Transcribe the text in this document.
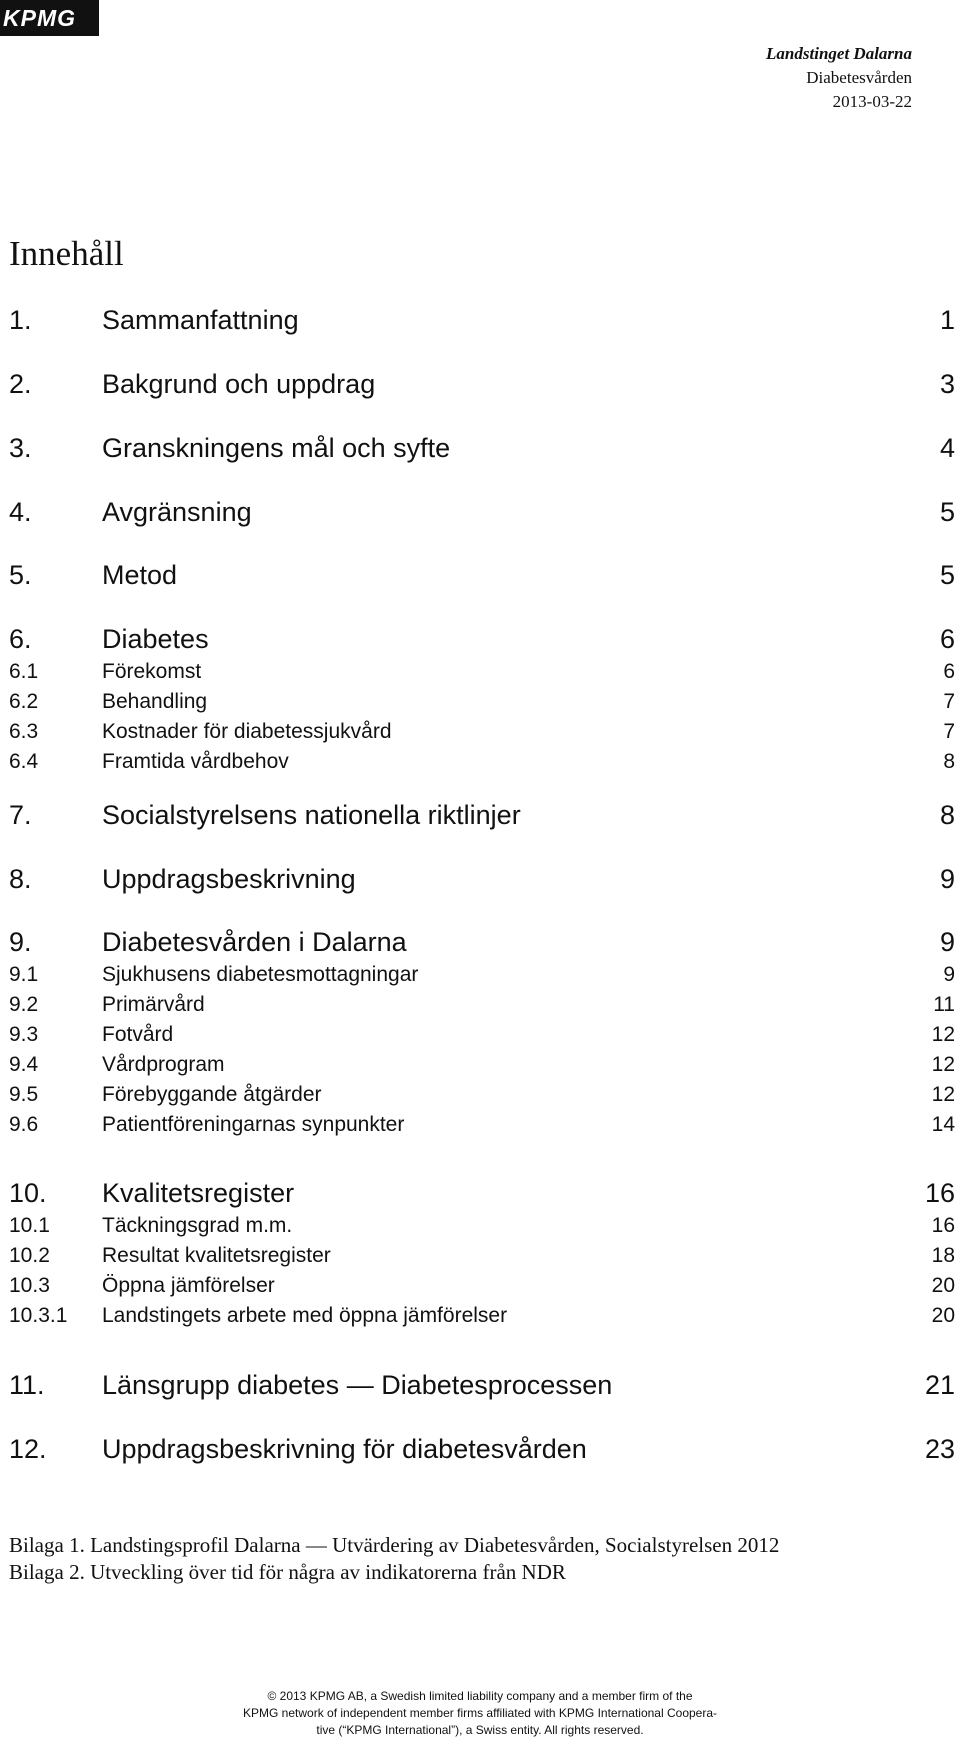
KPMG
Landstinget Dalarna
Diabetesvården
2013-03-22
Innehåll
1.	Sammanfattning	1
2.	Bakgrund och uppdrag	3
3.	Granskningens mål och syfte	4
4.	Avgränsning	5
5.	Metod	5
6.	Diabetes	6
6.1	Förekomst	6
6.2	Behandling	7
6.3	Kostnader för diabetessjukvård	7
6.4	Framtida vårdbehov	8
7.	Socialstyrelsens nationella riktlinjer	8
8.	Uppdragsbeskrivning	9
9.	Diabetesvården i Dalarna	9
9.1	Sjukhusens diabetesmottagningar	9
9.2	Primärvård	11
9.3	Fotvård	12
9.4	Vårdprogram	12
9.5	Förebyggande åtgärder	12
9.6	Patientföreningarnas synpunkter	14
10. Kvalitetsregister	16
10.1 Täckningsgrad m.m.	16
10.2 Resultat kvalitetsregister	18
10.3 Öppna jämförelser	20
10.3.1 Landstingets arbete med öppna jämförelser	20
11. Länsgrupp diabetes — Diabetesprocessen	21
12. Uppdragsbeskrivning för diabetesvården	23
Bilaga 1. Landstingsprofil Dalarna — Utvärdering av Diabetesvården, Socialstyrelsen 2012
Bilaga 2. Utveckling över tid för några av indikatorerna från NDR
© 2013 KPMG AB, a Swedish limited liability company and a member firm of the
KPMG network of independent member firms affiliated with KPMG International Coopera-
tive (“KPMG International”), a Swiss entity. All rights reserved.
